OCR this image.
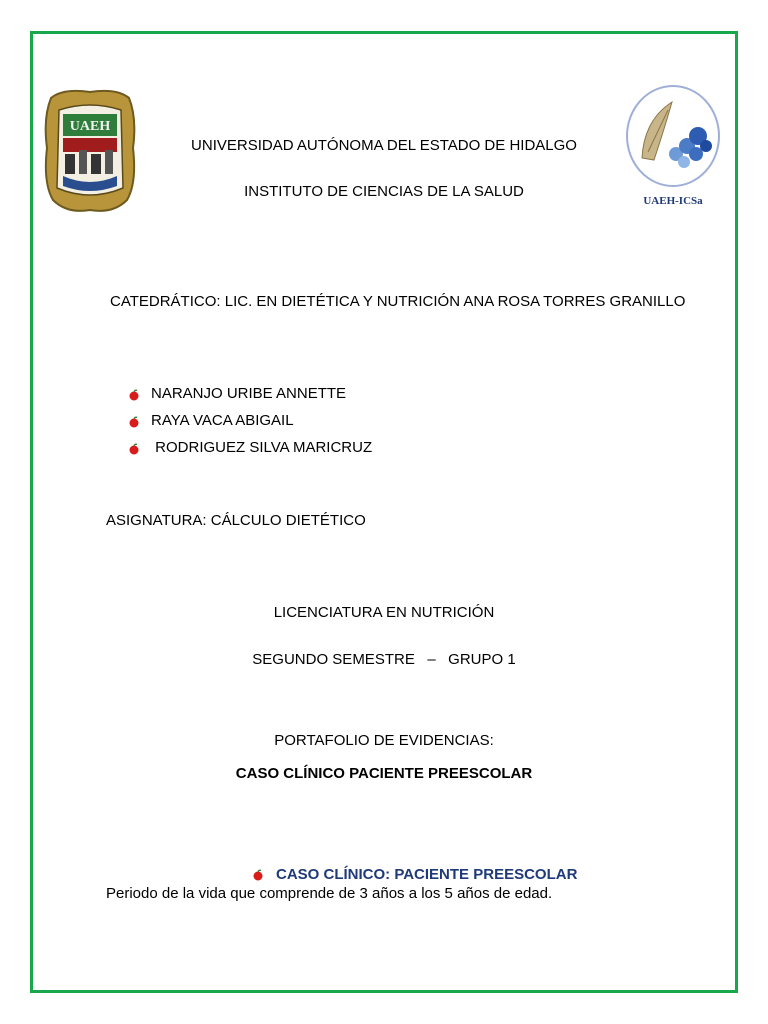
UAEH
UAEH-ICSa
UNIVERSIDAD AUTÓNOMA DEL ESTADO DE HIDALGO
INSTITUTO DE CIENCIAS DE LA SALUD
CATEDRÁTICO: LIC. EN DIETÉTICA Y NUTRICIÓN ANA ROSA TORRES GRANILLO
NARANJO URIBE ANNETTE
RAYA VACA ABIGAIL
RODRIGUEZ SILVA MARICRUZ
ASIGNATURA: CÁLCULO DIETÉTICO
LICENCIATURA EN NUTRICIÓN
SEGUNDO SEMESTRE   –   GRUPO 1
PORTAFOLIO DE EVIDENCIAS:
CASO CLÍNICO PACIENTE PREESCOLAR
CASO CLÍNICO: PACIENTE PREESCOLAR
Periodo de la vida que comprende de 3 años a los 5 años de edad.
